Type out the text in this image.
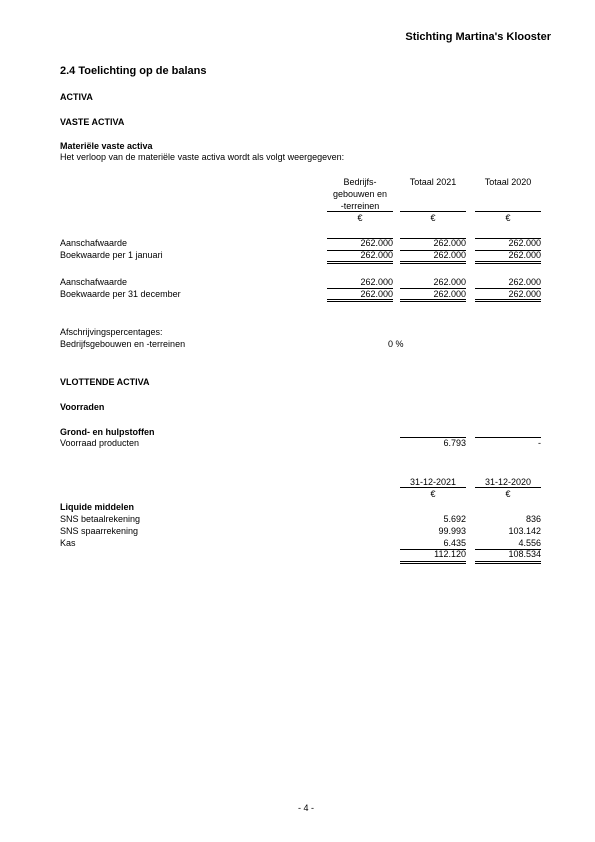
Stichting Martina's Klooster
2.4 Toelichting op de balans
ACTIVA
VASTE ACTIVA
Materiële vaste activa
Het verloop van de materiële vaste activa wordt als volgt weergegeven:
Bedrijfs-
gebouwen en
-terreinen
Totaal 2021	Totaal 2020
€	€	€
Aanschafwaarde	262.000	262.000	262.000
Boekwaarde per 1 januari	262.000	262.000	262.000
Aanschafwaarde	262.000	262.000	262.000
Boekwaarde per 31 december	262.000	262.000	262.000
Afschrijvingspercentages:
Bedrijfsgebouwen en -terreinen	0 %
VLOTTENDE ACTIVA
Voorraden
Grond- en hulpstoffen
Voorraad producten	6.793	-
31-12-2021	31-12-2020
€	€
Liquide middelen
SNS betaalrekening	5.692	836
SNS spaarrekening	99.993	103.142
Kas	6.435	4.556
112.120	108.534
- 4 -
